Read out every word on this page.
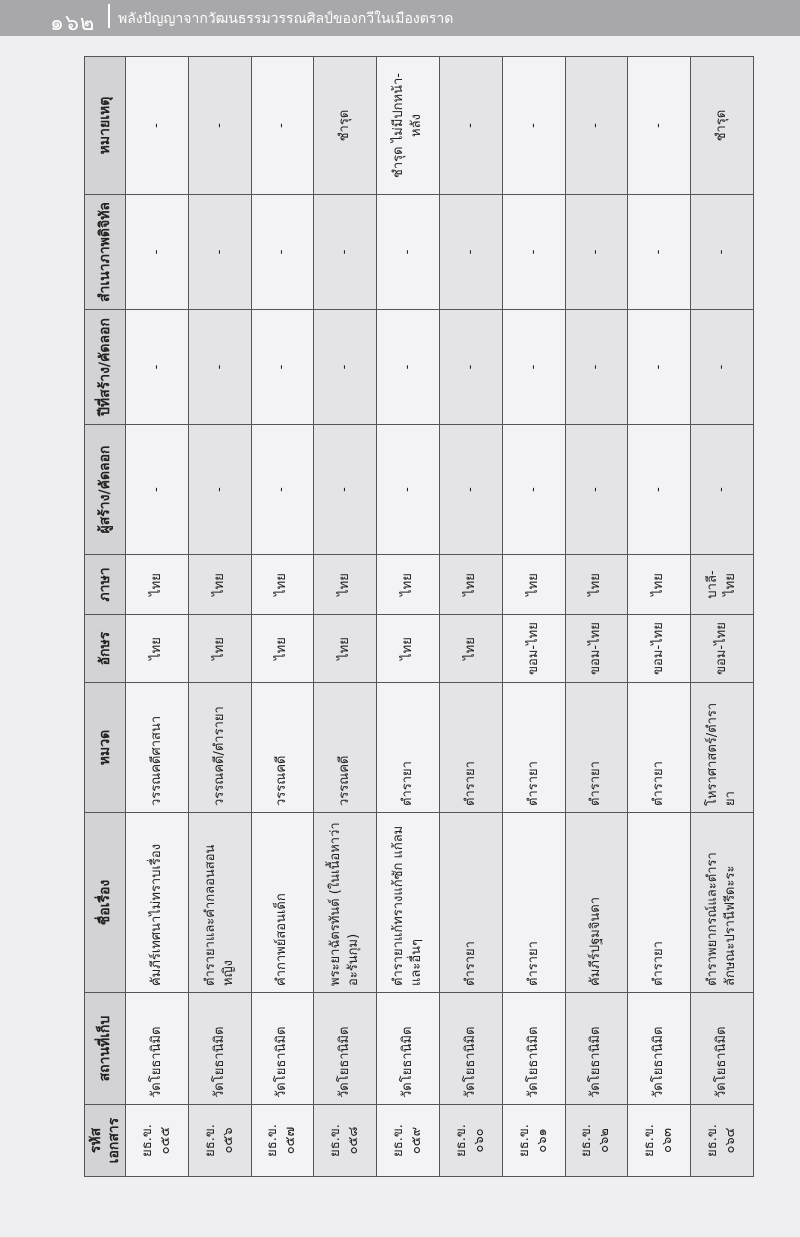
๑๖๒ พลังปัญญาจากวัฒนธรรมวรรณศิลป์ของกวีในเมืองตราด
รหัสเอกสาร	สถานที่เก็บ	ชื่อเรื่อง	หมวด	อักษร	ภาษา	ผู้สร้าง/คัดลอก	ปีที่สร้าง/คัดลอก	สำเนาภาพดิจิทัล	หมายเหตุ
ยธ.ข. ๐๕๕	วัดโยธานิมิต	คัมภีร์เทศนาไม่ทราบเรื่อง	วรรณคดีศาสนา	ไทย	ไทย	-	-	-	-
ยธ.ข. ๐๕๖	วัดโยธานิมิต	ตำรายาและคำกลอนสอนหญิง	วรรณคดี/ตำรายา	ไทย	ไทย	-	-	-	-
ยธ.ข. ๐๕๗	วัดโยธานิมิต	คำกาพย์สอนเด็ก	วรรณคดี	ไทย	ไทย	-	-	-	-
ยธ.ข. ๐๕๘	วัดโยธานิมิต	พระยาฉัตรทันต์ (ในเนื้อหาว่า อะรันกุม)	วรรณคดี	ไทย	ไทย	-	-	-	ชำรุด
ยธ.ข. ๐๕๙	วัดโยธานิมิต	ตำรายาแก้ทรางแก้ซัก แก้ลมและอื่นๆ	ตำรายา	ไทย	ไทย	-	-	-	ชำรุด ไม่มีปกหน้า-หลัง
ยธ.ข. ๐๖๐	วัดโยธานิมิต	ตำรายา	ตำรายา	ไทย	ไทย	-	-	-	-
ยธ.ข. ๐๖๑	วัดโยธานิมิต	ตำรายา	ตำรายา	ขอม-ไทย	ไทย	-	-	-	-
ยธ.ข. ๐๖๒	วัดโยธานิมิต	คัมภีร์ปฐมจินดา	ตำรายา	ขอม-ไทย	ไทย	-	-	-	-
ยธ.ข. ๐๖๓	วัดโยธานิมิต	ตำรายา	ตำรายา	ขอม-ไทย	ไทย	-	-	-	-
ยธ.ข. ๐๖๔	วัดโยธานิมิต	ตำราพยากรณ์และตำราลักษณะปรานีฟรีดะระ	โหราศาสตร์/ตำรายา	ขอม-ไทย	บาลี-ไทย	-	-	-	ชำรุด
